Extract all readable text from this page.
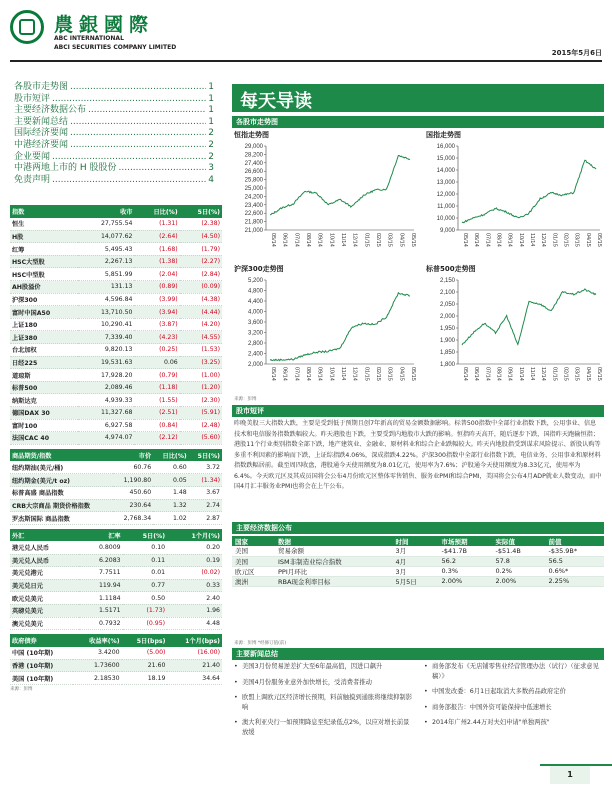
農銀國際
ABC INTERNATIONAL
ABCI SECURITIES COMPANY LIMITED
2015年5月6日
各股市走势图 .....	1
股市短评 .....	1
主要经济数据公布 .....	1
主要新闻总结 .....	1
国际经济要闻 .....	2
中港经济要闻 .....	2
企业要闻 .....	2
中港两地上市的 H 股股份 .....	3
免责声明 .....	4
每天导读
指数	收市	日比(%)	5日(%)
恒生	27,755.54	(1.31)	(2.38)
H股	14,077.62	(2.64)	(4.50)
红筹	5,495.43	(1.68)	(1.79)
HSC大型股	2,267.13	(1.38)	(2.27)
HSC中型股	5,851.99	(2.04)	(2.84)
AH股溢价	131.13	(0.89)	(0.09)
沪深300	4,596.84	(3.99)	(4.38)
富时中国A50	13,710.50	(3.94)	(4.44)
上证180	10,290.41	(3.87)	(4.20)
上证380	7,339.40	(4.23)	(4.55)
台北加权	9,820.13	(0.25)	(1.53)
日经225	19,531.63	0.06	(3.25)
道琼斯	17,928.20	(0.79)	(1.00)
标普500	2,089.46	(1.18)	(1.20)
纳斯达克	4,939.33	(1.55)	(2.30)
德国DAX 30	11,327.68	(2.51)	(5.91)
富时100	6,927.58	(0.84)	(2.48)
法国CAC 40	4,974.07	(2.12)	(5.60)
商品期货/指数	市价	日比(%)	5日(%)
纽约期油(美元/桶)	60.76	0.60	3.72
纽约期金(美元/t oz)	1,190.80	0.05	(1.34)
标普高盛 商品指数	450.60	1.48	3.67
CRB大宗商品 期货价格指数	230.64	1.32	2.74
罗杰斯国际 商品指数	2,768.34	1.02	2.87
外汇	汇率	5日(%)	1个月(%)
港元兑人民币	0.8009	0.10	0.20
美元兑人民币	6.2083	0.11	0.19
美元兑港元	7.7511	0.01	(0.02)
美元兑日元	119.94	0.77	0.33
欧元兑美元	1.1184	0.50	2.40
英磅兑美元	1.5171	(1.73)	1.96
澳元兑美元	0.7932	(0.95)	4.48
政府债券	收益率(%)	5日(bps)	1个月(bps)
中国 (10年期)	3.4200	(5.00)	(16.00)
香港 (10年期)	1.73600	21.60	21.40
美国 (10年期)	2.18530	18.19	34.64
来源：彭博
各股市走势图
恒指走势图
29,000
28,200
27,400
26,600
25,800
25,000
24,200
23,400
22,600
21,800
21,000
05/14 06/14 07/14 08/14 09/14 10/14 11/14 12/14 01/15 02/15 03/15 04/15 05/15
国指走势图
16,000
15,000
14,000
13,000
12,000
11,000
10,000
9,000
05/14 06/14 07/14 08/14 09/14 10/14 11/14 12/14 01/15 02/15 03/15 04/15 05/15
沪深300走势图
5,200
4,800
4,400
4,000
3,600
3,200
2,800
2,400
2,000
05/14 06/14 07/14 08/14 09/14 10/14 11/14 12/14 01/15 02/15 03/15 04/15 05/15
标普500走势图
2,150
2,100
2,050
2,000
1,950
1,900
1,850
1,800
05/14 06/14 07/14 08/14 09/14 10/14 11/14 12/14 01/15 02/15 03/15 04/15 05/15
来源：彭博
股市短评

昨晚美股三大指数大跌，主要是受到低于预期且创7年新高的贸易金额数据影响。标普500指数中全部行业指数下跌，公用事业、信息技术和电信服务指数跌幅较大。昨天港股也下跌，主要受到内地股市大跌的影响。恒指昨天高开，随后逐步下跌，国指昨天跑输恒指；港股11个行业类别指数全部下跌，地产建筑业、金融业、原材料业和综合企业跌幅较大。昨天内地股指受到谋求风险提示、新股认购等多重不利因素的影响而下跌，上证综指跌4.06%，深成指跌4.22%。沪深300指数中全部行业指数下跌，电信业务、公用事业和原材料指数跌幅居前。截至周四收盘，港股通今天使用额度为8.01亿元，使用率为7.6%；沪股通今天使用额度为8.33亿元，使用率为6.4%。今天欧元区及其成员国将会公布4月份欧元区整体零售销售、服务业PMI和综合PMI，美国将会公布4月ADP就业人数变动，而中国4月汇丰服务业PMI也将会在上午公布。

主要经济数据公布
国家	数据	时间	市场预期	实际值	前值
美国	贸易余额	3月	-$41.7B	-$51.4B	-$35.9B*
美国	ISM非制造业综合指数	4月	56.2	57.8	56.5
欧元区	PPI月环比	3月	0.3%	0.2%	0.6%*
澳洲	RBA现金利率目标	5月5日	2.00%	2.00%	2.25%
来源：彭博 *经修订值(前)
主要新闻总结
• 美国3月份贸易逆差扩大至6年最高值，因进口飙升
• 美国4月份服务业意外加快增长，受消费者推动
• 欧盟上调欧元区经济增长预期，料前触摸到通胀将继续抑制影响
• 澳大利亚央行一如预期降息至纪录低点2%，以应对增长前景放缓
• 商务部发布《无店铺零售业经营管理办法（试行）（征求意见稿）》
• 中国发改委：6月1日起取消大多数药品政府定价
• 商务部报告：中国外资可能保持中低速增长
• 2014年广州2.44万对夫妇申请"单独两孩"
1
